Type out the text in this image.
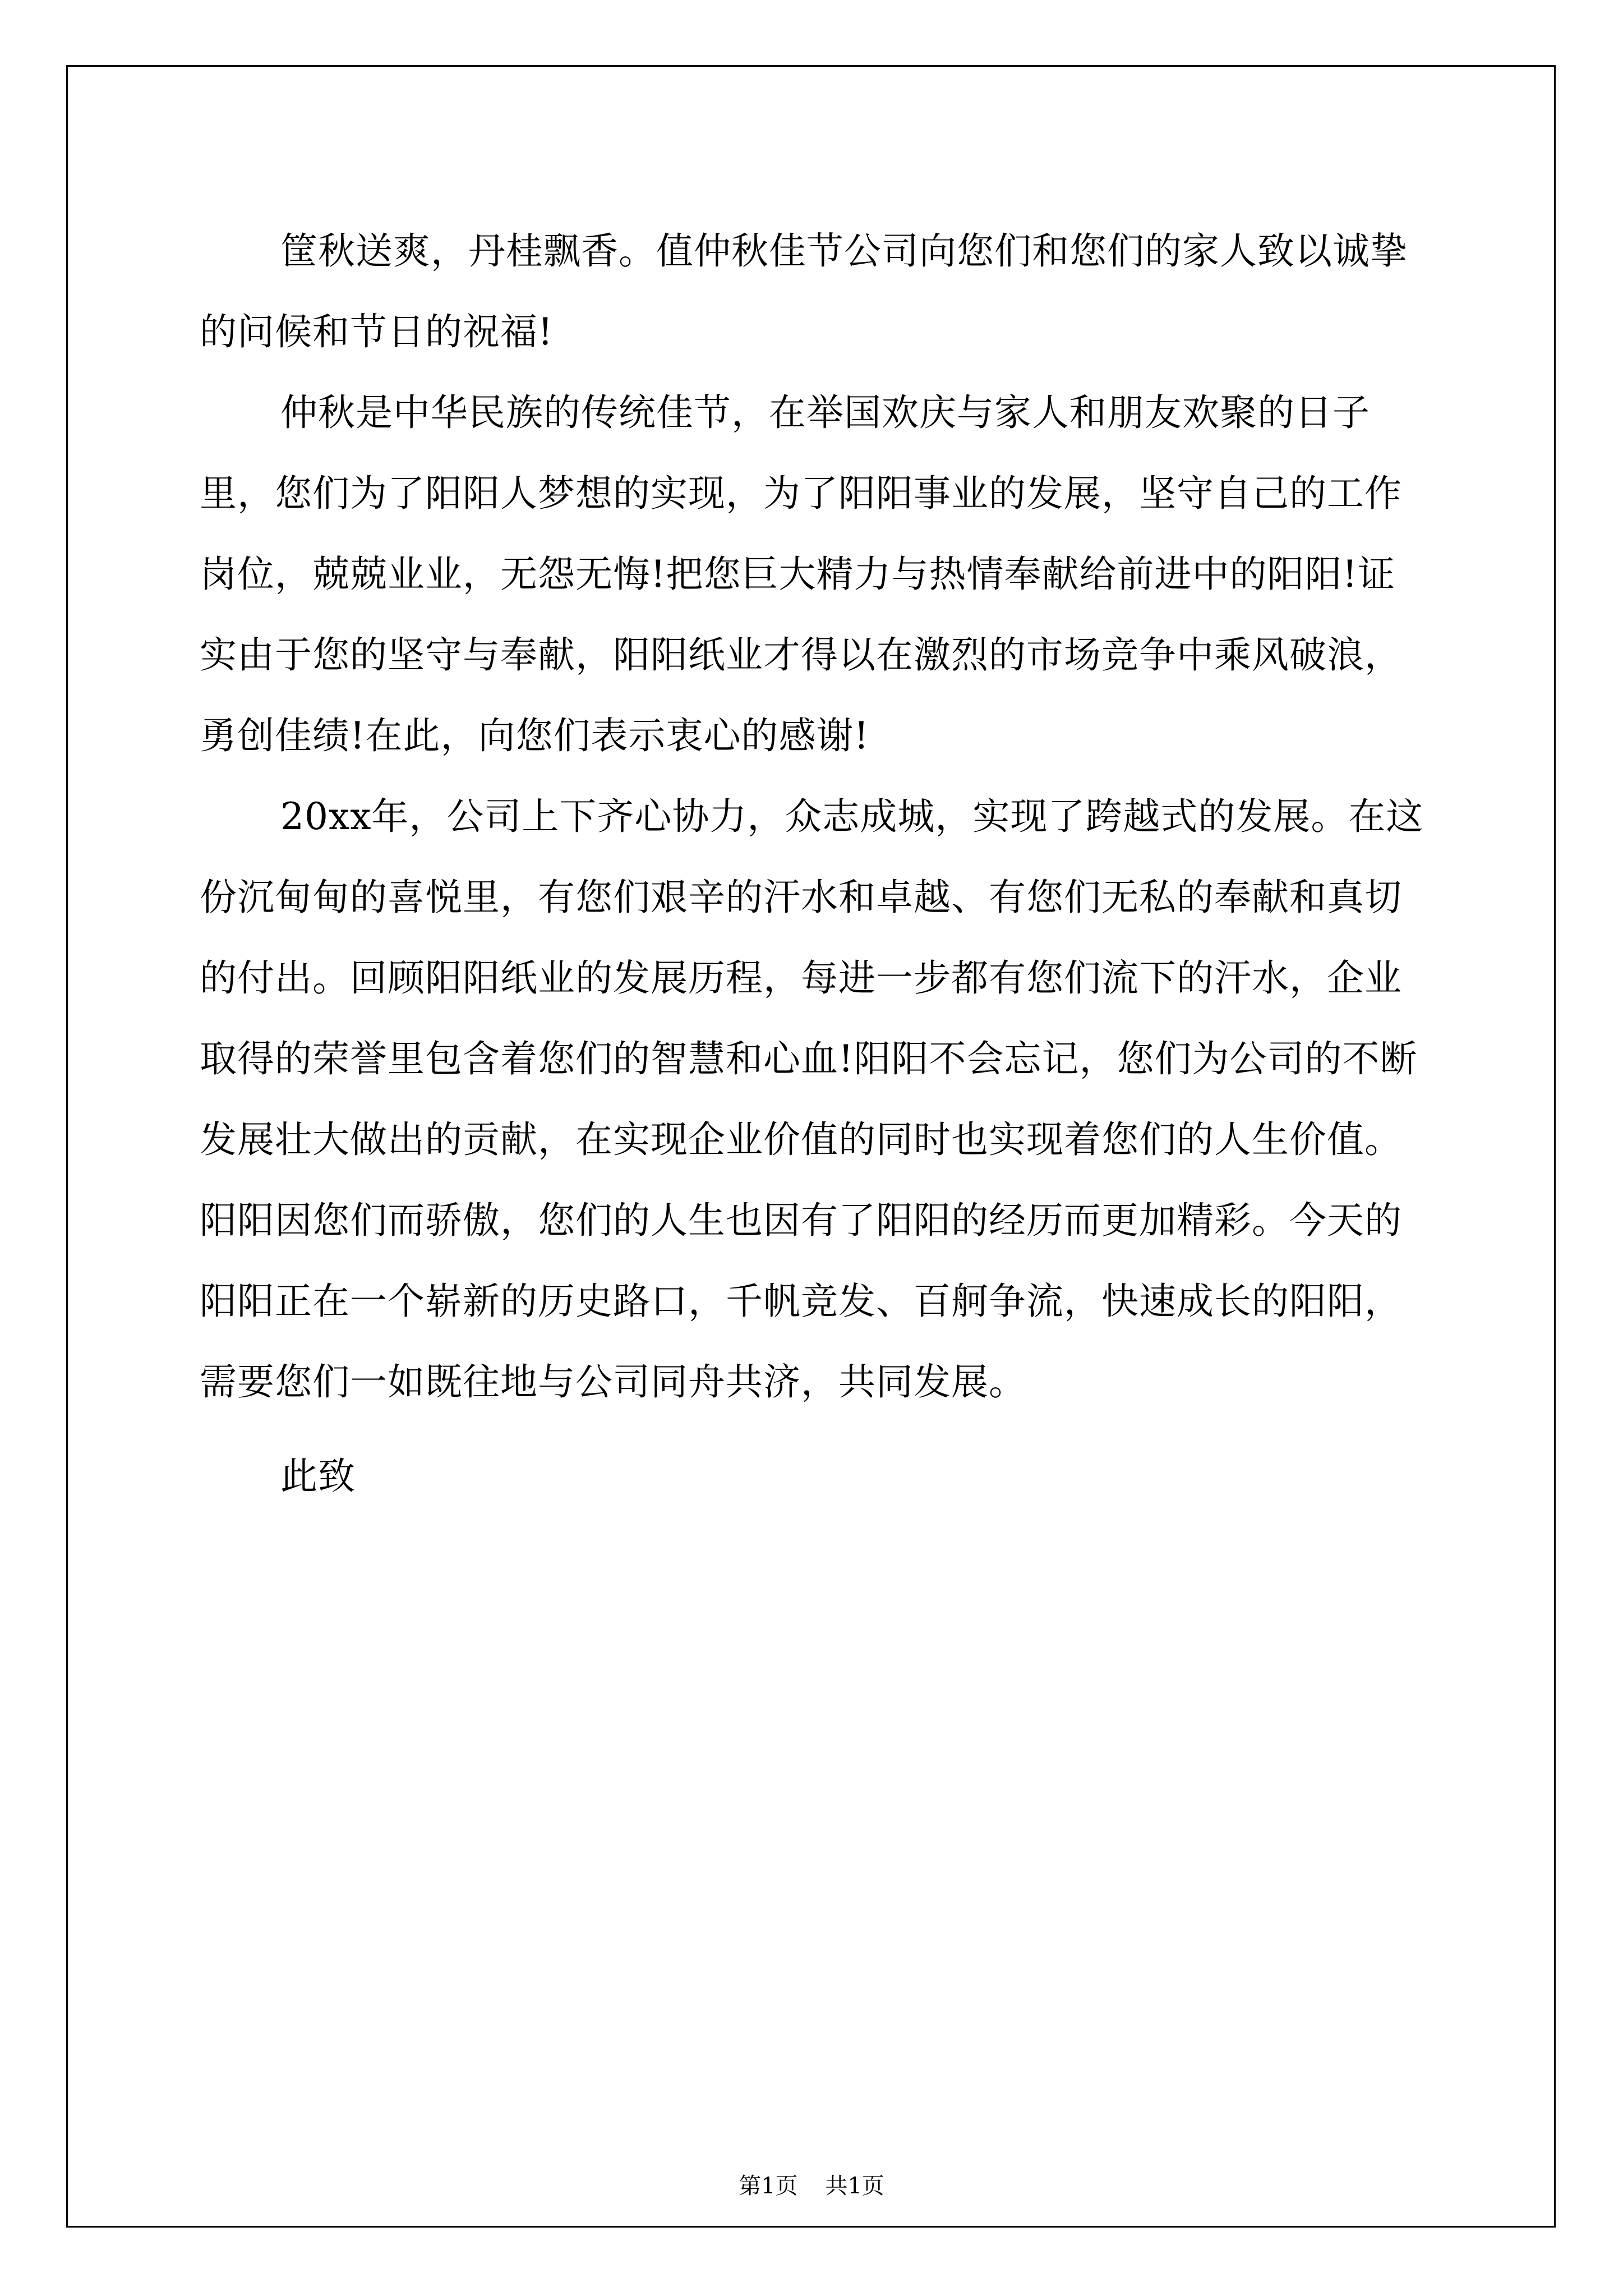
筐秋送爽，丹桂飘香。值仲秋佳节公司向您们和您们的家人致以诚挚的问候和节日的祝福!

仲秋是中华民族的传统佳节，在举国欢庆与家人和朋友欢聚的日子里，您们为了阳阳人梦想的实现，为了阳阳事业的发展，坚守自己的工作岗位，兢兢业业，无怨无悔!把您巨大精力与热情奉献给前进中的阳阳!证实由于您的坚守与奉献，阳阳纸业才得以在激烈的市场竞争中乘风破浪，勇创佳绩!在此，向您们表示衷心的感谢!

20xx年，公司上下齐心协力，众志成城，实现了跨越式的发展。在这份沉甸甸的喜悦里，有您们艰辛的汗水和卓越、有您们无私的奉献和真切的付出。回顾阳阳纸业的发展历程，每进一步都有您们流下的汗水，企业取得的荣誉里包含着您们的智慧和心血!阳阳不会忘记，您们为公司的不断发展壮大做出的贡献，在实现企业价值的同时也实现着您们的人生价值。阳阳因您们而骄傲，您们的人生也因有了阳阳的经历而更加精彩。今天的阳阳正在一个崭新的历史路口，千帆竞发、百舸争流，快速成长的阳阳，需要您们一如既往地与公司同舟共济，共同发展。

此致

第1页 共1页
